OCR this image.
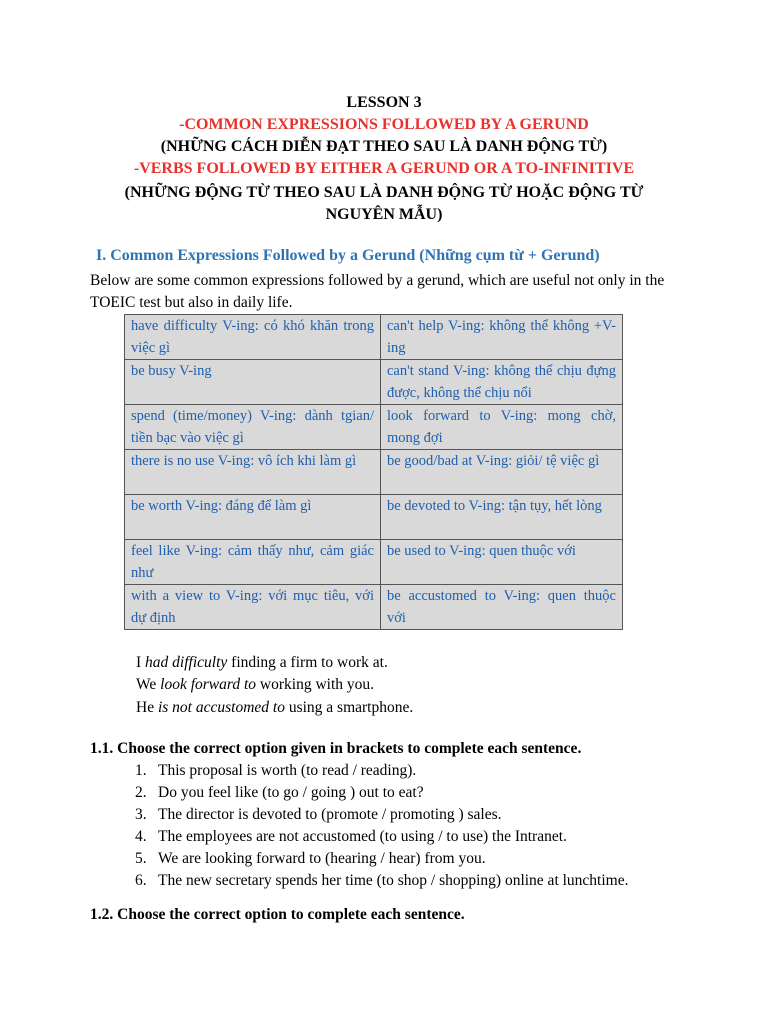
LESSON 3
-COMMON EXPRESSIONS FOLLOWED BY A GERUND
(NHỮNG CÁCH DIỄN ĐẠT THEO SAU LÀ DANH ĐỘNG TỪ)
-VERBS FOLLOWED BY EITHER A GERUND OR A TO-INFINITIVE
(NHỮNG ĐỘNG TỪ THEO SAU LÀ DANH ĐỘNG TỪ HOẶC ĐỘNG TỪ
NGUYÊN MẪU)
I. Common Expressions Followed by a Gerund (Những cụm từ + Gerund)
Below are some common expressions followed by a gerund, which are useful not only in the TOEIC test but also in daily life.
have difficulty V-ing: có khó khăn trong việc gì	can't help V-ing: không thể không +V-ing
be busy V-ing	can't stand V-ing: không thể chịu đựng được, không thể chịu nổi
spend (time/money) V-ing: dành tgian/ tiền bạc vào việc gì	look forward to V-ing: mong chờ, mong đợi
there is no use V-ing: vô ích khi làm gì	be good/bad at V-ing: giỏi/ tệ việc gì
be worth V-ing: đáng để làm gì	be devoted to V-ing: tận tụy, hết lòng
feel like V-ing: cảm thấy như, cảm giác như	be used to V-ing: quen thuộc với
with a view to V-ing: với mục tiêu, với dự định	be accustomed to V-ing: quen thuộc với
I had difficulty finding a firm to work at.
We look forward to working with you.
He is not accustomed to using a smartphone.
1.1. Choose the correct option given in brackets to complete each sentence.
1. This proposal is worth (to read / reading).
2. Do you feel like (to go / going ) out to eat?
3. The director is devoted to (promote / promoting ) sales.
4. The employees are not accustomed (to using / to use) the Intranet.
5. We are looking forward to (hearing / hear) from you.
6. The new secretary spends her time (to shop / shopping) online at lunchtime.
1.2. Choose the correct option to complete each sentence.
